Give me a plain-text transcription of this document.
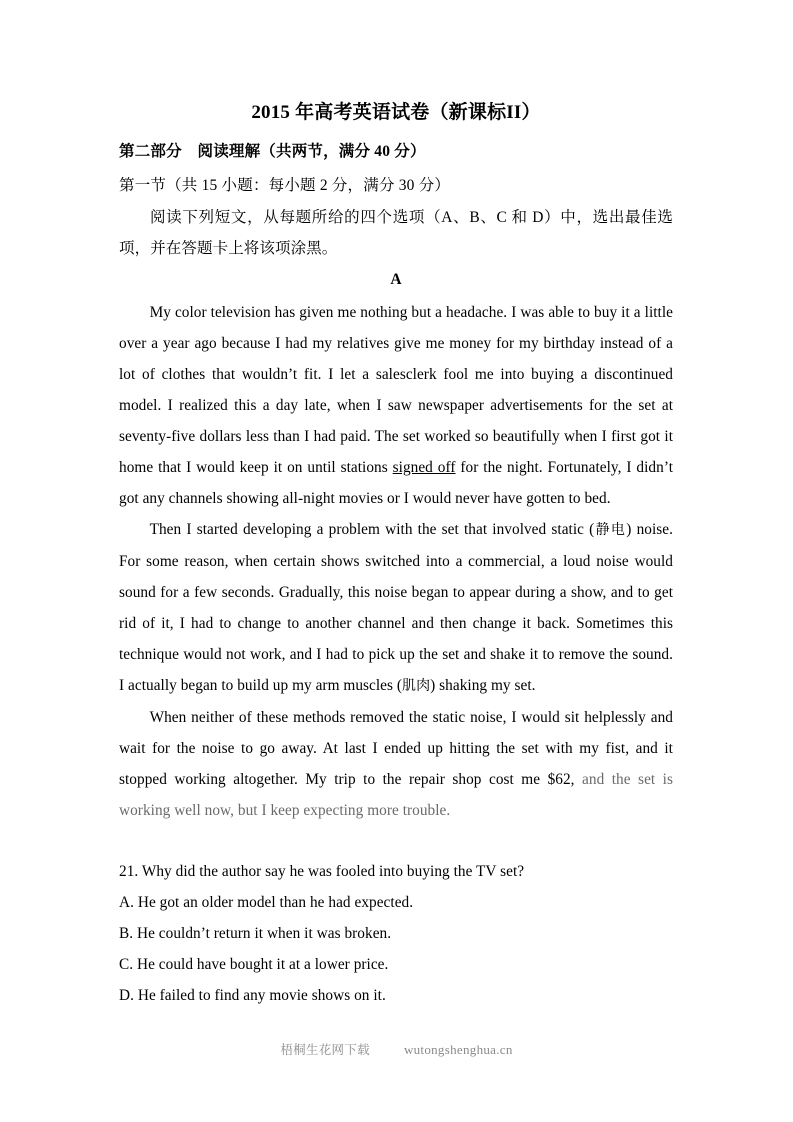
2015 年高考英语试卷（新课标II）
第二部分　阅读理解（共两节，满分 40 分）
第一节（共 15 小题：每小题 2 分，满分 30 分）
阅读下列短文，从每题所给的四个选项（A、B、C 和 D）中，选出最佳选项，并在答题卡上将该项涂黑。
A

My color television has given me nothing but a headache. I was able to buy it a little over a year ago because I had my relatives give me money for my birthday instead of a lot of clothes that wouldn’t fit. I let a salesclerk fool me into buying a discontinued model. I realized this a day late, when I saw newspaper advertisements for the set at seventy-five dollars less than I had paid. The set worked so beautifully when I first got it home that I would keep it on until stations signed off for the night. Fortunately, I didn’t got any channels showing all-night movies or I would never have gotten to bed.

Then I started developing a problem with the set that involved static (静电) noise. For some reason, when certain shows switched into a commercial, a loud noise would sound for a few seconds. Gradually, this noise began to appear during a show, and to get rid of it, I had to change to another channel and then change it back. Sometimes this technique would not work, and I had to pick up the set and shake it to remove the sound. I actually began to build up my arm muscles (肌肉) shaking my set.

When neither of these methods removed the static noise, I would sit helplessly and wait for the noise to go away. At last I ended up hitting the set with my fist, and it stopped working altogether. My trip to the repair shop cost me $62, and the set is working well now, but I keep expecting more trouble.

21. Why did the author say he was fooled into buying the TV set?

A. He got an older model than he had expected.

B. He couldn’t return it when it was broken.

C. He could have bought it at a lower price.

D. He failed to find any movie shows on it.

梧桐生花网下载	wutongshenghua.cn
